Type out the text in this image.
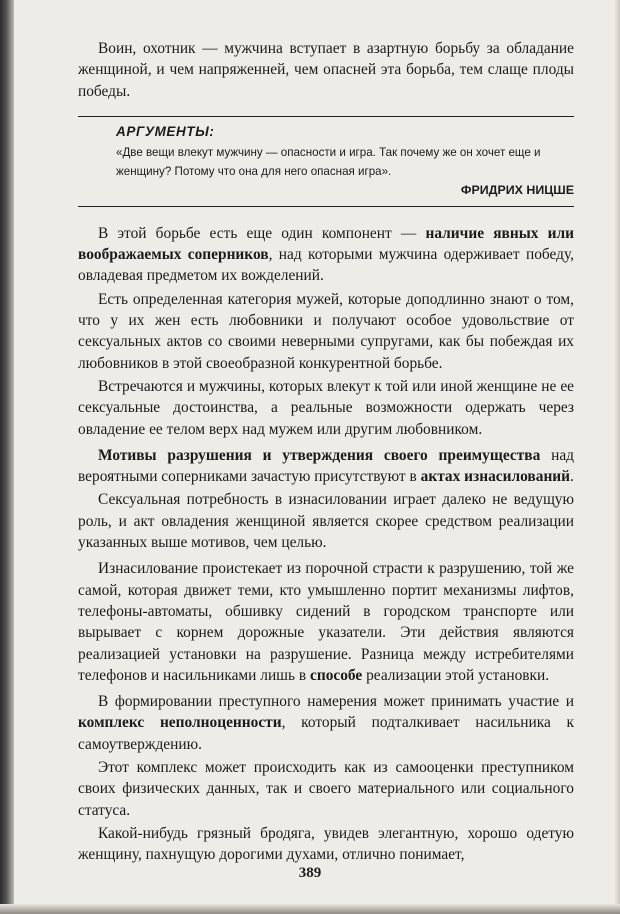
Воин, охотник — мужчина вступает в азартную борьбу за обладание женщиной, и чем напряженней, чем опасней эта борьба, тем слаще плоды победы.

АРГУМЕНТЫ:
«Две вещи влекут мужчину — опасности и игра. Так почему же он хочет еще и женщину? Потому что она для него опасная игра».
ФРИДРИХ НИЦШЕ

В этой борьбе есть еще один компонент — наличие явных или воображаемых соперников, над которыми мужчина одерживает победу, овладевая предметом их вожделений.

Есть определенная категория мужей, которые доподлинно знают о том, что у их жен есть любовники и получают особое удовольствие от сексуальных актов со своими неверными супругами, как бы побеждая их любовников в этой своеобразной конкурентной борьбе.

Встречаются и мужчины, которых влекут к той или иной женщине не ее сексуальные достоинства, а реальные возможности одержать через овладение ее телом верх над мужем или другим любовником.

Мотивы разрушения и утверждения своего преимущества над вероятными соперниками зачастую присутствуют в актах изнасилований.

Сексуальная потребность в изнасиловании играет далеко не ведущую роль, и акт овладения женщиной является скорее средством реализации указанных выше мотивов, чем целью.

Изнасилование проистекает из порочной страсти к разрушению, той же самой, которая движет теми, кто умышленно портит механизмы лифтов, телефоны-автоматы, обшивку сидений в городском транспорте или вырывает с корнем дорожные указатели. Эти действия являются реализацией установки на разрушение. Разница между истребителями телефонов и насильниками лишь в способе реализации этой установки.

В формировании преступного намерения может принимать участие и комплекс неполноценности, который подталкивает насильника к самоутверждению.

Этот комплекс может происходить как из самооценки преступником своих физических данных, так и своего материального или социального статуса.

Какой-нибудь грязный бродяга, увидев элегантную, хорошо одетую женщину, пахнущую дорогими духами, отлично понимает,

389
